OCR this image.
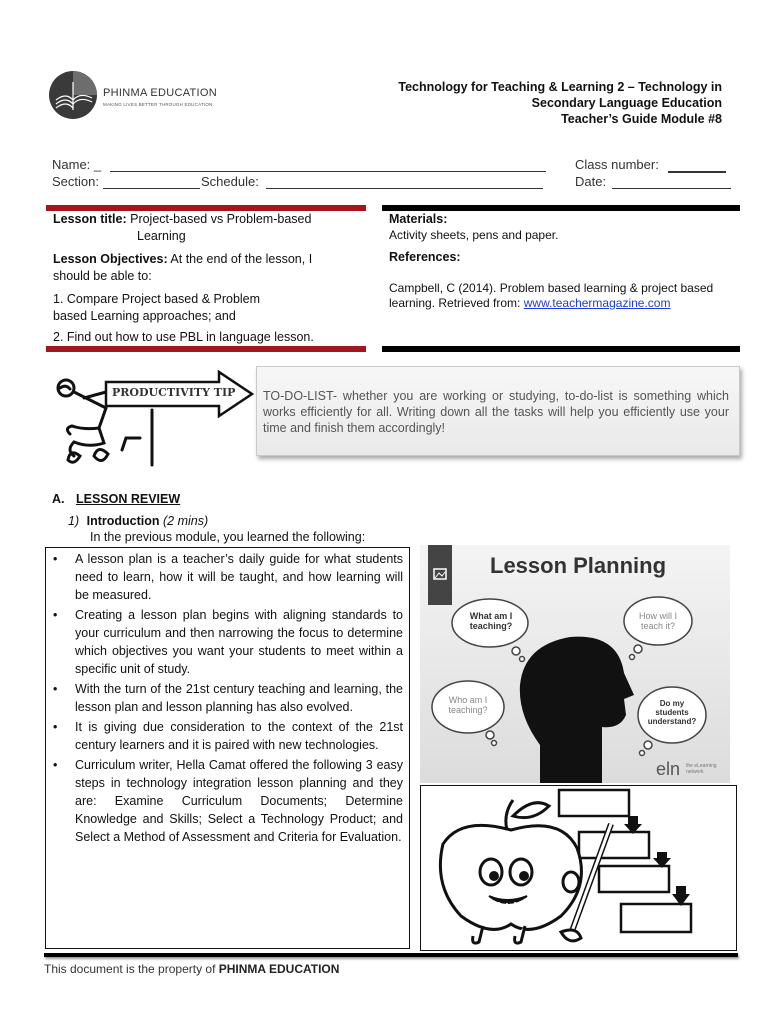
PHINMA EDUCATION
MAKING LIVES BETTER THROUGH EDUCATION
Technology for Teaching & Learning 2 – Technology in
Secondary Language Education
Teacher’s Guide Module #8
Name: _
Section:	Schedule:
Class number:
Date:
Lesson title: Project-based vs Problem-based
Learning
Lesson Objectives: At the end of the lesson, I
should be able to:
1. Compare Project based & Problem
based Learning approaches; and
2. Find out how to use PBL in language lesson.
Materials:
Activity sheets, pens and paper.
References:
Campbell, C (2014). Problem based learning & project based
learning. Retrieved from: www.teachermagazine.com
PRODUCTIVITY TIP TO-DO-LIST- whether you are working or studying, to-do-list is something which works efficiently for all. Writing down all the tasks will help you efficiently use your time and finish them accordingly!
A. LESSON REVIEW
1) Introduction (2 mins)
In the previous module, you learned the following:
• A lesson plan is a teacher’s daily guide for what students need to learn, how it will be taught, and how learning will be measured.
• Creating a lesson plan begins with aligning standards to your curriculum and then narrowing the focus to determine which objectives you want your students to meet within a specific unit of study.
• With the turn of the 21st century teaching and learning, the lesson plan and lesson planning has also evolved.
• It is giving due consideration to the context of the 21st century learners and it is paired with new technologies.
• Curriculum writer, Hella Camat offered the following 3 easy steps in technology integration lesson planning and they are: Examine Curriculum Documents; Determine Knowledge and Skills; Select a Technology Product; and Select a Method of Assessment and Criteria for Evaluation.
Lesson Planning
What am I teaching?
How will I teach it?
Who am I teaching?
Do my students understand?
eln the eLearning network
This document is the property of PHINMA EDUCATION
